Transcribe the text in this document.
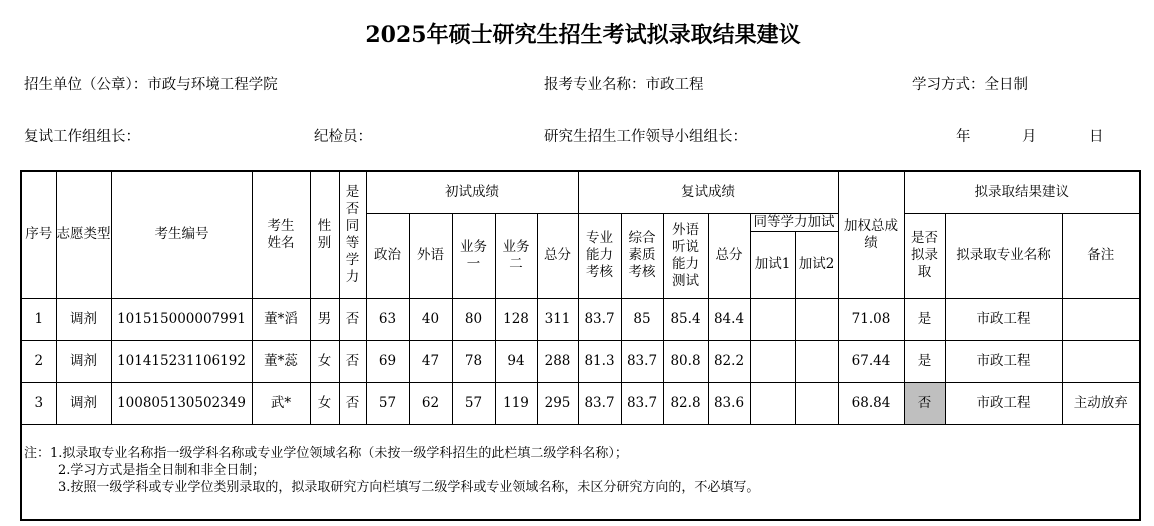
2025年硕士研究生招生考试拟录取结果建议
招生单位（公章）：市政与环境工程学院	报考专业名称：市政工程	学习方式：全日制
复试工作组组长：	纪检员：	研究生招生工作领导小组组长：	年	月	日
序号	志愿类型	考生编号	考生姓名	性别	是否同等学力	初试成绩					复试成绩						加权总成绩	拟录取结果建议		
						政治	外语	业务一	业务二	总分	专业能力考核	综合素质考核	外语听说能力测试	总分	同等学力加试			是否拟录取	拟录取专业名称	备注
															加试1	加试2				
1	调剂	101515000007991	董*滔	男	否	63	40	80	128	311	83.7	85	85.4	84.4			71.08	是	市政工程	
2	调剂	101415231106192	董*蕊	女	否	69	47	78	94	288	81.3	83.7	80.8	82.2			67.44	是	市政工程	
3	调剂	100805130502349	武*	女	否	57	62	57	119	295	83.7	83.7	82.8	83.6			68.84	否	市政工程	主动放弃

注：1.拟录取专业名称指一级学科名称或专业学位领域名称（未按一级学科招生的此栏填二级学科名称）；
2.学习方式是指全日制和非全日制；
3.按照一级学科或专业学位类别录取的，拟录取研究方向栏填写二级学科或专业领域名称，未区分研究方向的，不必填写。																				
